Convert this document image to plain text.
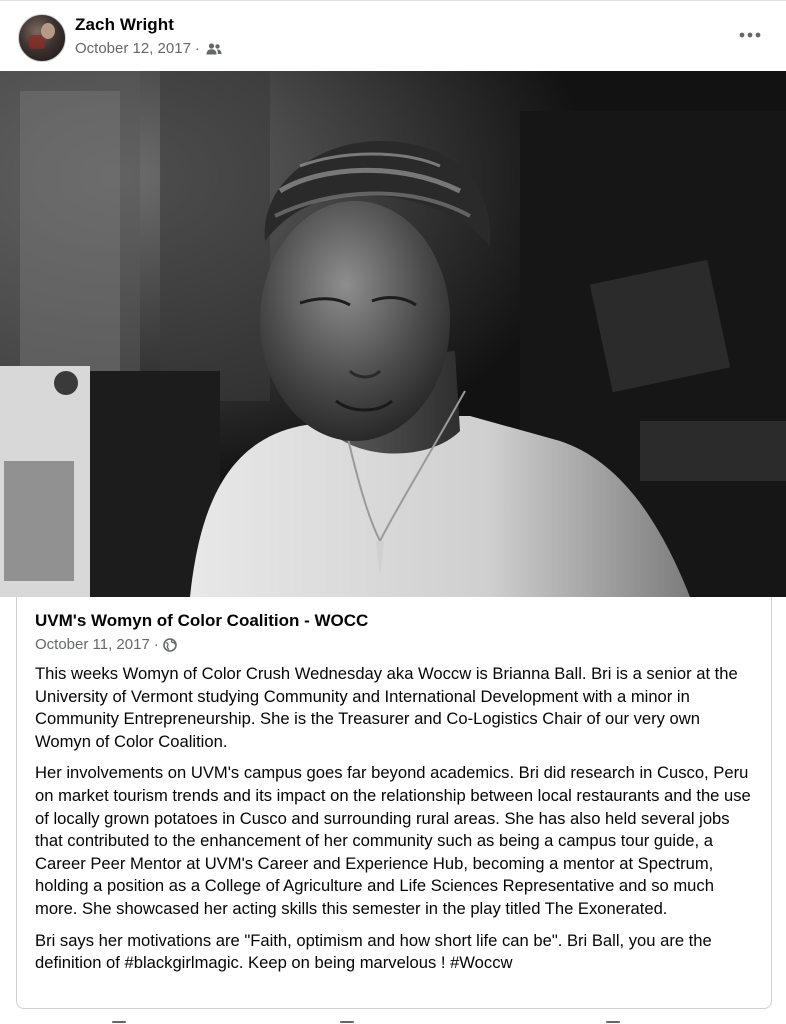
Zach Wright
October 12, 2017 ·
UVM's Womyn of Color Coalition - WOCC
October 11, 2017 ·

This weeks Womyn of Color Crush Wednesday aka Woccw is Brianna Ball. Bri is a senior at the University of Vermont studying Community and International Development with a minor in Community Entrepreneurship. She is the Treasurer and Co-Logistics Chair of our very own Womyn of Color Coalition.

Her involvements on UVM's campus goes far beyond academics. Bri did research in Cusco, Peru on market tourism trends and its impact on the relationship between local restaurants and the use of locally grown potatoes in Cusco and surrounding rural areas. She has also held several jobs that contributed to the enhancement of her community such as being a campus tour guide, a Career Peer Mentor at UVM's Career and Experience Hub, becoming a mentor at Spectrum, holding a position as a College of Agriculture and Life Sciences Representative and so much more. She showcased her acting skills this semester in the play titled The Exonerated.

Bri says her motivations are "Faith, optimism and how short life can be". Bri Ball, you are the definition of #blackgirlmagic. Keep on being marvelous ! #Woccw
